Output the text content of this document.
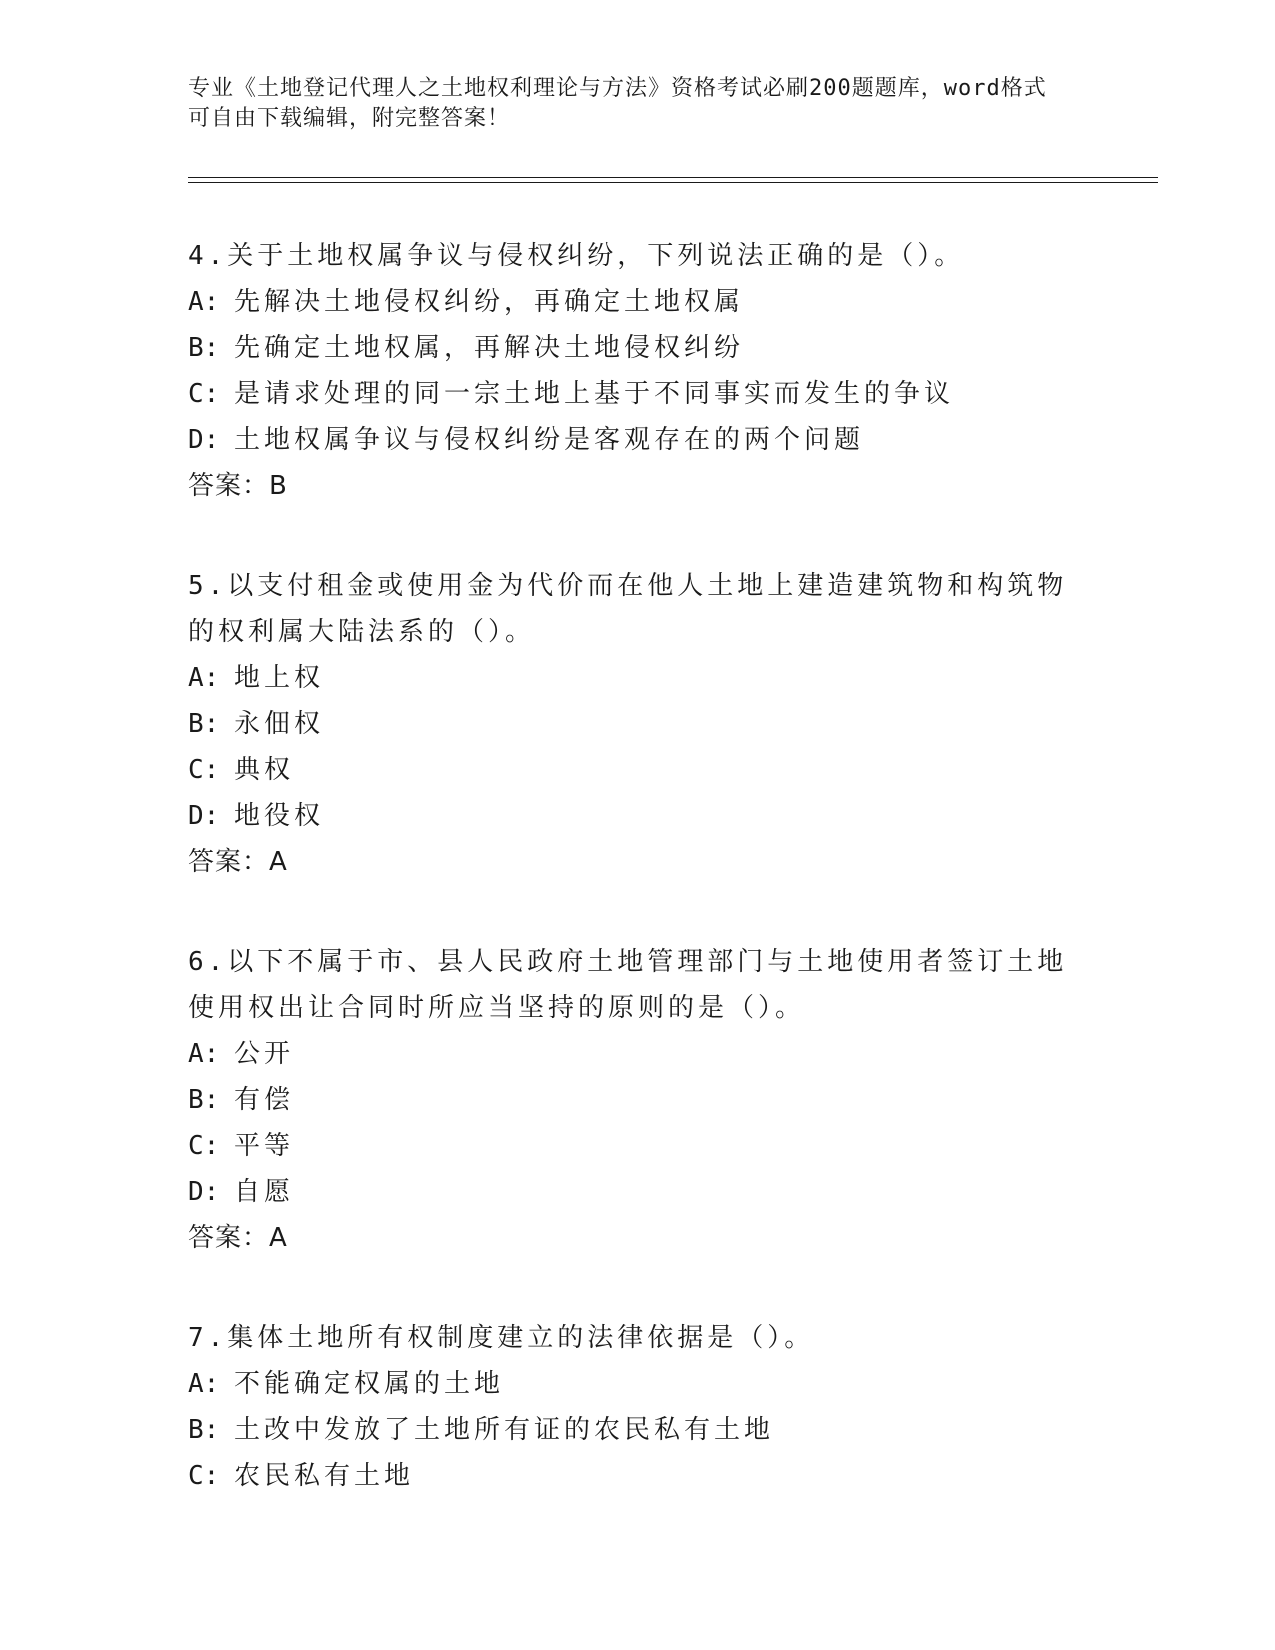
专业《土地登记代理人之土地权利理论与方法》资格考试必刷200题题库，word格式可自由下载编辑，附完整答案！
4.关于土地权属争议与侵权纠纷，下列说法正确的是（）。
A: 先解决土地侵权纠纷，再确定土地权属
B: 先确定土地权属，再解决土地侵权纠纷
C: 是请求处理的同一宗土地上基于不同事实而发生的争议
D: 土地权属争议与侵权纠纷是客观存在的两个问题
答案：B
5.以支付租金或使用金为代价而在他人土地上建造建筑物和构筑物的权利属大陆法系的（）。
A: 地上权
B: 永佃权
C: 典权
D: 地役权
答案：A
6.以下不属于市、县人民政府土地管理部门与土地使用者签订土地使用权出让合同时所应当坚持的原则的是（）。
A: 公开
B: 有偿
C: 平等
D: 自愿
答案：A
7.集体土地所有权制度建立的法律依据是（）。
A: 不能确定权属的土地
B: 土改中发放了土地所有证的农民私有土地
C: 农民私有土地
